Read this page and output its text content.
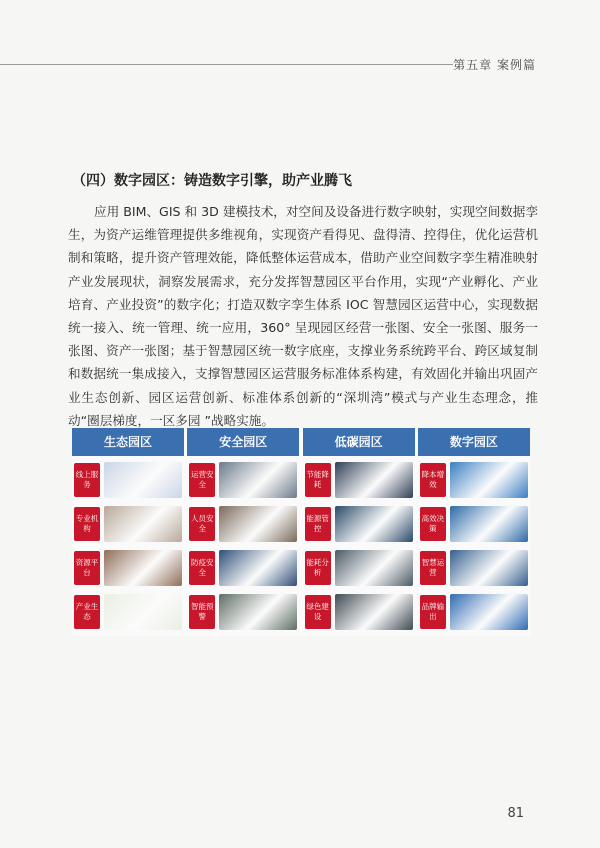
第五章 案例篇
（四）数字园区：铸造数字引擎，助产业腾飞

应用 BIM、GIS 和 3D 建模技术，对空间及设备进行数字映射，实现空间数据孪生，为资产运维管理提供多维视角，实现资产看得见、盘得清、控得住，优化运营机制和策略，提升资产管理效能，降低整体运营成本，借助产业空间数字孪生精准映射产业发展现状，洞察发展需求，充分发挥智慧园区平台作用，实现“产业孵化、产业培育、产业投资”的数字化；打造双数字孪生体系 IOC 智慧园区运营中心，实现数据统一接入、统一管理、统一应用，360° 呈现园区经营一张图、安全一张图、服务一张图、资产一张图；基于智慧园区统一数字底座，支撑业务系统跨平台、跨区域复制和数据统一集成接入，支撑智慧园区运营服务标准体系构建，有效固化并输出巩固产业生态创新、园区运营创新、标准体系创新的“深圳湾”模式与产业生态理念，推动“圈层梯度，一区多园 ”战略实施。

生态园区
线上服务
专业机构
资源平台
产业生态
安全园区
运营安全
人员安全
防疫安全
智能预警
低碳园区
节能降耗
能源管控
能耗分析
绿色建设
数字园区
降本增效
高效决策
智慧运营
品牌输出
81
